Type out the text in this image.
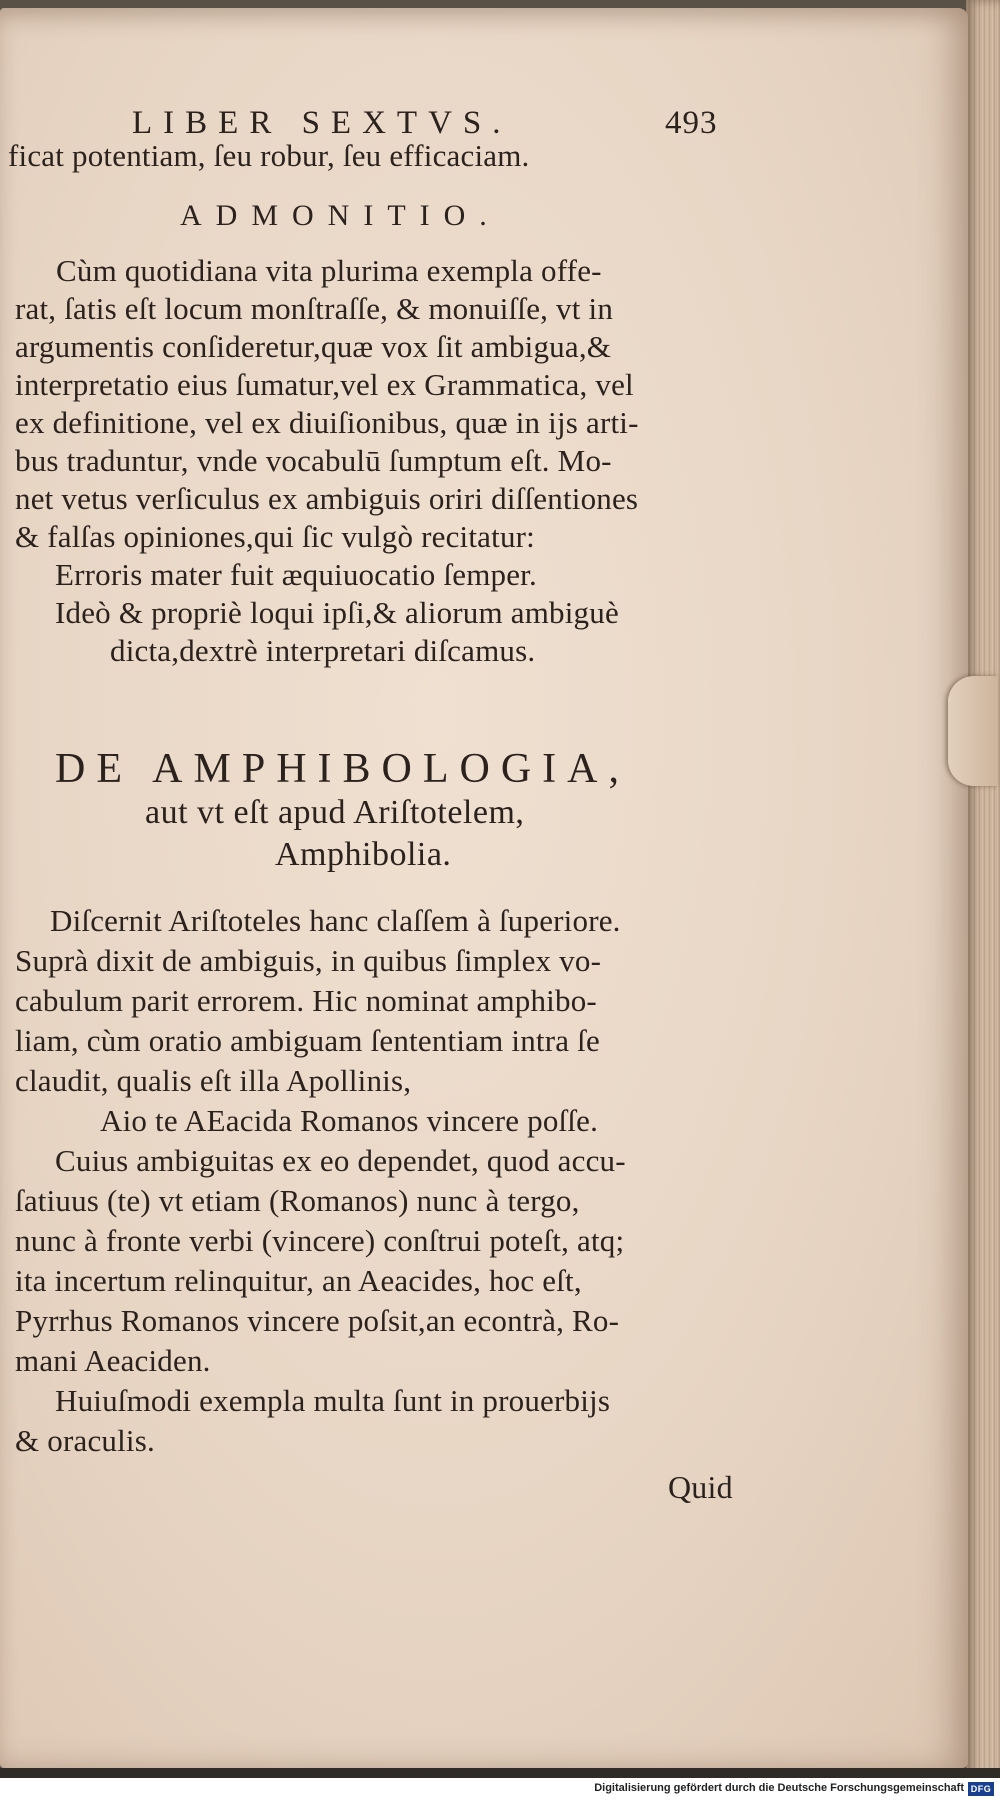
LIBER SEXTVS.	493
ficat potentiam, ſeu robur, ſeu efficaciam.
ADMONITIO.
Cùm quotidiana vita plurima exempla offe-
rat, ſatis eſt locum monſtraſſe, & monuiſſe, vt in
argumentis conſideretur,quæ vox ſit ambigua,&
interpretatio eius ſumatur,vel ex Grammatica, vel
ex definitione, vel ex diuiſionibus, quæ in ijs arti-
bus traduntur, vnde vocabulū ſumptum eſt. Mo-
net vetus verſiculus ex ambiguis oriri diſſentiones
& falſas opiniones,qui ſic vulgò recitatur:
Erroris mater fuit æquiuocatio ſemper.
Ideò & propriè loqui ipſi,& aliorum ambiguè
dicta,dextrè interpretari diſcamus.
DE AMPHIBOLOGIA,
aut vt eſt apud Ariſtotelem,
Amphibolia.
Diſcernit Ariſtoteles hanc claſſem à ſuperiore.
Suprà dixit de ambiguis, in quibus ſimplex vo-
cabulum parit errorem. Hic nominat amphibo-
liam, cùm oratio ambiguam ſententiam intra ſe
claudit, qualis eſt illa Apollinis,
Aio te AEacida Romanos vincere poſſe.
Cuius ambiguitas ex eo dependet, quod accu-
ſatiuus (te) vt etiam (Romanos) nunc à tergo,
nunc à fronte verbi (vincere) conſtrui poteſt, atq;
ita incertum relinquitur, an Aeacides, hoc eſt,
Pyrrhus Romanos vincere poſsit,an econtrà, Ro-
mani Aeaciden.
Huiuſmodi exempla multa ſunt in prouerbijs
& oraculis.
Quid
Digitalisierung gefördert durch die Deutsche Forschungsgemeinschaft DFG
